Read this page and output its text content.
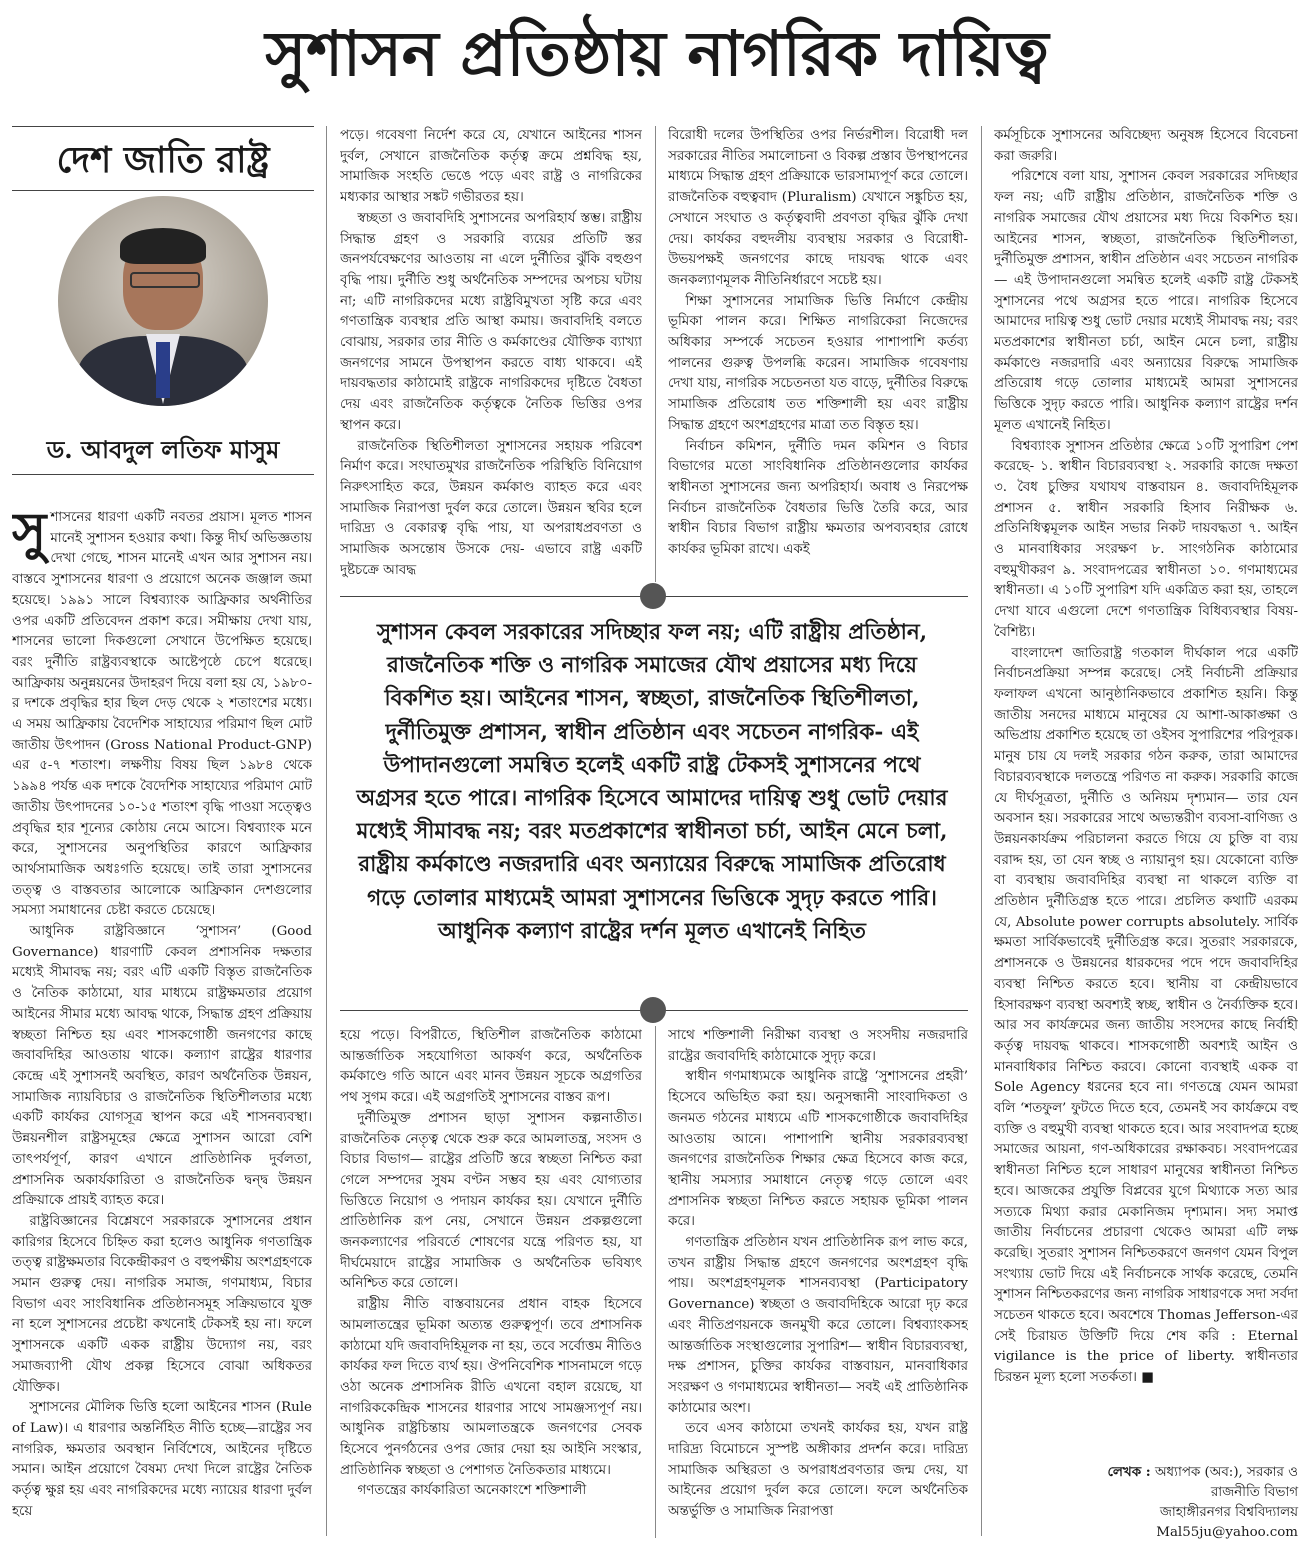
সুশাসন প্রতিষ্ঠায় নাগরিক দায়িত্ব
দেশ জাতি রাষ্ট্র
ড. আবদুল লতিফ মাসুম

সুশাসনের ধারণা একটি নবতর প্রয়াস। মূলত শাসন মানেই সুশাসন হওয়ার কথা। কিন্তু দীর্ঘ অভিজ্ঞতায় দেখা গেছে, শাসন মানেই এখন আর সুশাসন নয়। বাস্তবে সুশাসনের ধারণা ও প্রয়োগে অনেক জঞ্জাল জমা হয়েছে। ১৯৯১ সালে বিশ্বব্যাংক আফ্রিকার অর্থনীতির ওপর একটি প্রতিবেদন প্রকাশ করে। সমীক্ষায় দেখা যায়, শাসনের ভালো দিকগুলো সেখানে উপেক্ষিত হয়েছে। বরং দুর্নীতি রাষ্ট্রব্যবস্থাকে আষ্টেপৃষ্ঠে চেপে ধরেছে। আফ্রিকায় অনুন্নয়নের উদাহরণ দিয়ে বলা হয় যে, ১৯৮০-র দশকে প্রবৃদ্ধির হার ছিল দেড় থেকে ২ শতাংশের মধ্যে। এ সময় আফ্রিকায় বৈদেশিক সাহায্যের পরিমাণ ছিল মোট জাতীয় উৎপাদন (Gross National Product-GNP) এর ৫-৭ শতাংশ। লক্ষণীয় বিষয় ছিল ১৯৮৪ থেকে ১৯৯৪ পর্যন্ত এক দশকে বৈদেশিক সাহায্যের পরিমাণ মোট জাতীয় উৎপাদনের ১০-১৫ শতাংশ বৃদ্ধি পাওয়া সত্ত্বেও প্রবৃদ্ধির হার শূন্যের কোঠায় নেমে আসে। বিশ্বব্যাংক মনে করে, সুশাসনের অনুপস্থিতির কারণে আফ্রিকার আর্থসামাজিক অধঃগতি হয়েছে। তাই তারা সুশাসনের তত্ত্ব ও বাস্তবতার আলোকে আফ্রিকান দেশগুলোর সমস্যা সমাধানের চেষ্টা করতে চেয়েছে।

আধুনিক রাষ্ট্রবিজ্ঞানে ‘সুশাসন’ (Good Governance) ধারণাটি কেবল প্রশাসনিক দক্ষতার মধ্যেই সীমাবদ্ধ নয়; বরং এটি একটি বিস্তৃত রাজনৈতিক ও নৈতিক কাঠামো, যার মাধ্যমে রাষ্ট্রক্ষমতার প্রয়োগ আইনের সীমার মধ্যে আবদ্ধ থাকে, সিদ্ধান্ত গ্রহণ প্রক্রিয়ায় স্বচ্ছতা নিশ্চিত হয় এবং শাসকগোষ্ঠী জনগণের কাছে জবাবদিহির আওতায় থাকে। কল্যাণ রাষ্ট্রের ধারণার কেন্দ্রে এই সুশাসনই অবস্থিত, কারণ অর্থনৈতিক উন্নয়ন, সামাজিক ন্যায়বিচার ও রাজনৈতিক স্থিতিশীলতার মধ্যে একটি কার্যকর যোগসূত্র স্থাপন করে এই শাসনব্যবস্থা। উন্নয়নশীল রাষ্ট্রসমূহের ক্ষেত্রে সুশাসন আরো বেশি তাৎপর্যপূর্ণ, কারণ এখানে প্রাতিষ্ঠানিক দুর্বলতা, প্রশাসনিক অকার্যকারিতা ও রাজনৈতিক দ্বন্দ্ব উন্নয়ন প্রক্রিয়াকে প্রায়ই ব্যাহত করে।

রাষ্ট্রবিজ্ঞানের বিশ্লেষণে সরকারকে সুশাসনের প্রধান কারিগর হিসেবে চিহ্নিত করা হলেও আধুনিক গণতান্ত্রিক তত্ত্ব রাষ্ট্রক্ষমতার বিকেন্দ্রীকরণ ও বহুপক্ষীয় অংশগ্রহণকে সমান গুরুত্ব দেয়। নাগরিক সমাজ, গণমাধ্যম, বিচার বিভাগ এবং সাংবিধানিক প্রতিষ্ঠানসমূহ সক্রিয়ভাবে যুক্ত না হলে সুশাসনের প্রচেষ্টা কখনোই টেকসই হয় না। ফলে সুশাসনকে একটি একক রাষ্ট্রীয় উদ্যোগ নয়, বরং সমাজব্যাপী যৌথ প্রকল্প হিসেবে বোঝা অধিকতর যৌক্তিক।

সুশাসনের মৌলিক ভিত্তি হলো আইনের শাসন (Rule of Law)। এ ধারণার অন্তর্নিহিত নীতি হচ্ছে—রাষ্ট্রের সব নাগরিক, ক্ষমতার অবস্থান নির্বিশেষে, আইনের দৃষ্টিতে সমান। আইন প্রয়োগে বৈষম্য দেখা দিলে রাষ্ট্রের নৈতিক কর্তৃত্ব ক্ষুণ্ণ হয় এবং নাগরিকদের মধ্যে ন্যায়ের ধারণা দুর্বল হয়ে

পড়ে। গবেষণা নির্দেশ করে যে, যেখানে আইনের শাসন দুর্বল, সেখানে রাজনৈতিক কর্তৃত্ব ক্রমে প্রশ্নবিদ্ধ হয়, সামাজিক সংহতি ভেঙে পড়ে এবং রাষ্ট্র ও নাগরিকের মধ্যকার আস্থার সঙ্কট গভীরতর হয়।

স্বচ্ছতা ও জবাবদিহি সুশাসনের অপরিহার্য স্তম্ভ। রাষ্ট্রীয় সিদ্ধান্ত গ্রহণ ও সরকারি ব্যয়ের প্রতিটি স্তর জনপর্যবেক্ষণের আওতায় না এলে দুর্নীতির ঝুঁকি বহুগুণ বৃদ্ধি পায়। দুর্নীতি শুধু অর্থনৈতিক সম্পদের অপচয় ঘটায় না; এটি নাগরিকদের মধ্যে রাষ্ট্রবিমুখতা সৃষ্টি করে এবং গণতান্ত্রিক ব্যবস্থার প্রতি আস্থা কমায়। জবাবদিহি বলতে বোঝায়, সরকার তার নীতি ও কর্মকাণ্ডের যৌক্তিক ব্যাখ্যা জনগণের সামনে উপস্থাপন করতে বাধ্য থাকবে। এই দায়বদ্ধতার কাঠামোই রাষ্ট্রকে নাগরিকদের দৃষ্টিতে বৈধতা দেয় এবং রাজনৈতিক কর্তৃত্বকে নৈতিক ভিত্তির ওপর স্থাপন করে।

রাজনৈতিক স্থিতিশীলতা সুশাসনের সহায়ক পরিবেশ নির্মাণ করে। সংঘাতমুখর রাজনৈতিক পরিস্থিতি বিনিয়োগ নিরুৎসাহিত করে, উন্নয়ন কর্মকাণ্ড ব্যাহত করে এবং সামাজিক নিরাপত্তা দুর্বল করে তোলে। উন্নয়ন স্থবির হলে দারিদ্র্য ও বেকারত্ব বৃদ্ধি পায়, যা অপরাধপ্রবণতা ও সামাজিক অসন্তোষ উসকে দেয়- এভাবে রাষ্ট্র একটি দুষ্টচক্রে আবদ্ধ

বিরোধী দলের উপস্থিতির ওপর নির্ভরশীল। বিরোধী দল সরকারের নীতির সমালোচনা ও বিকল্প প্রস্তাব উপস্থাপনের মাধ্যমে সিদ্ধান্ত গ্রহণ প্রক্রিয়াকে ভারসাম্যপূর্ণ করে তোলে। রাজনৈতিক বহুত্ববাদ (Pluralism) যেখানে সঙ্কুচিত হয়, সেখানে সংঘাত ও কর্তৃত্ববাদী প্রবণতা বৃদ্ধির ঝুঁকি দেখা দেয়। কার্যকর বহুদলীয় ব্যবস্থায় সরকার ও বিরোধী- উভয়পক্ষই জনগণের কাছে দায়বদ্ধ থাকে এবং জনকল্যাণমূলক নীতিনির্ধারণে সচেষ্ট হয়।

শিক্ষা সুশাসনের সামাজিক ভিত্তি নির্মাণে কেন্দ্রীয় ভূমিকা পালন করে। শিক্ষিত নাগরিকেরা নিজেদের অধিকার সম্পর্কে সচেতন হওয়ার পাশাপাশি কর্তব্য পালনের গুরুত্ব উপলব্ধি করেন। সামাজিক গবেষণায় দেখা যায়, নাগরিক সচেতনতা যত বাড়ে, দুর্নীতির বিরুদ্ধে সামাজিক প্রতিরোধ তত শক্তিশালী হয় এবং রাষ্ট্রীয় সিদ্ধান্ত গ্রহণে অংশগ্রহণের মাত্রা তত বিস্তৃত হয়।

নির্বাচন কমিশন, দুর্নীতি দমন কমিশন ও বিচার বিভাগের মতো সাংবিধানিক প্রতিষ্ঠানগুলোর কার্যকর স্বাধীনতা সুশাসনের জন্য অপরিহার্য। অবাধ ও নিরপেক্ষ নির্বাচন রাজনৈতিক বৈধতার ভিত্তি তৈরি করে, আর স্বাধীন বিচার বিভাগ রাষ্ট্রীয় ক্ষমতার অপব্যবহার রোধে কার্যকর ভূমিকা রাখে। একই

সুশাসন কেবল সরকারের সদিচ্ছার ফল নয়; এটি রাষ্ট্রীয় প্রতিষ্ঠান, রাজনৈতিক শক্তি ও নাগরিক সমাজের যৌথ প্রয়াসের মধ্য দিয়ে বিকশিত হয়। আইনের শাসন, স্বচ্ছতা, রাজনৈতিক স্থিতিশীলতা, দুর্নীতিমুক্ত প্রশাসন, স্বাধীন প্রতিষ্ঠান এবং সচেতন নাগরিক- এই উপাদানগুলো সমন্বিত হলেই একটি রাষ্ট্র টেকসই সুশাসনের পথে অগ্রসর হতে পারে। নাগরিক হিসেবে আমাদের দায়িত্ব শুধু ভোট দেয়ার মধ্যেই সীমাবদ্ধ নয়; বরং মতপ্রকাশের স্বাধীনতা চর্চা, আইন মেনে চলা, রাষ্ট্রীয় কর্মকাণ্ডে নজরদারি এবং অন্যায়ের বিরুদ্ধে সামাজিক প্রতিরোধ গড়ে তোলার মাধ্যমেই আমরা সুশাসনের ভিত্তিকে সুদৃঢ় করতে পারি। আধুনিক কল্যাণ রাষ্ট্রের দর্শন মূলত এখানেই নিহিত

হয়ে পড়ে। বিপরীতে, স্থিতিশীল রাজনৈতিক কাঠামো আন্তর্জাতিক সহযোগিতা আকর্ষণ করে, অর্থনৈতিক কর্মকাণ্ডে গতি আনে এবং মানব উন্নয়ন সূচকে অগ্রগতির পথ সুগম করে। এই অগ্রগতিই সুশাসনের বাস্তব রূপ।

দুর্নীতিমুক্ত প্রশাসন ছাড়া সুশাসন কল্পনাতীত। রাজনৈতিক নেতৃত্ব থেকে শুরু করে আমলাতন্ত্র, সংসদ ও বিচার বিভাগ— রাষ্ট্রের প্রতিটি স্তরে স্বচ্ছতা নিশ্চিত করা গেলে সম্পদের সুষম বণ্টন সম্ভব হয় এবং যোগ্যতার ভিত্তিতে নিয়োগ ও পদায়ন কার্যকর হয়। যেখানে দুর্নীতি প্রাতিষ্ঠানিক রূপ নেয়, সেখানে উন্নয়ন প্রকল্পগুলো জনকল্যাণের পরিবর্তে শোষণের যন্ত্রে পরিণত হয়, যা দীর্ঘমেয়াদে রাষ্ট্রের সামাজিক ও অর্থনৈতিক ভবিষ্যৎ অনিশ্চিত করে তোলে।

রাষ্ট্রীয় নীতি বাস্তবায়নের প্রধান বাহক হিসেবে আমলাতন্ত্রের ভূমিকা অত্যন্ত গুরুত্বপূর্ণ। তবে প্রশাসনিক কাঠামো যদি জবাবদিহিমূলক না হয়, তবে সর্বোত্তম নীতিও কার্যকর ফল দিতে ব্যর্থ হয়। ঔপনিবেশিক শাসনামলে গড়ে ওঠা অনেক প্রশাসনিক রীতি এখনো বহাল রয়েছে, যা নাগরিককেন্দ্রিক শাসনের ধারণার সাথে সামঞ্জস্যপূর্ণ নয়। আধুনিক রাষ্ট্রচিন্তায় আমলাতন্ত্রকে জনগণের সেবক হিসেবে পুনর্গঠনের ওপর জোর দেয়া হয় আইনি সংস্কার, প্রাতিষ্ঠানিক স্বচ্ছতা ও পেশাগত নৈতিকতার মাধ্যমে।

গণতন্ত্রের কার্যকারিতা অনেকাংশে শক্তিশালী

সাথে শক্তিশালী নিরীক্ষা ব্যবস্থা ও সংসদীয় নজরদারি রাষ্ট্রের জবাবদিহি কাঠামোকে সুদৃঢ় করে।

স্বাধীন গণমাধ্যমকে আধুনিক রাষ্ট্রে ‘সুশাসনের প্রহরী’ হিসেবে অভিহিত করা হয়। অনুসন্ধানী সাংবাদিকতা ও জনমত গঠনের মাধ্যমে এটি শাসকগোষ্ঠীকে জবাবদিহির আওতায় আনে। পাশাপাশি স্থানীয় সরকারব্যবস্থা জনগণের রাজনৈতিক শিক্ষার ক্ষেত্র হিসেবে কাজ করে, স্থানীয় সমস্যার সমাধানে নেতৃত্ব গড়ে তোলে এবং প্রশাসনিক স্বচ্ছতা নিশ্চিত করতে সহায়ক ভূমিকা পালন করে।

গণতান্ত্রিক প্রতিষ্ঠান যখন প্রাতিষ্ঠানিক রূপ লাভ করে, তখন রাষ্ট্রীয় সিদ্ধান্ত গ্রহণে জনগণের অংশগ্রহণ বৃদ্ধি পায়। অংশগ্রহণমূলক শাসনব্যবস্থা (Participatory Governance) স্বচ্ছতা ও জবাবদিহিকে আরো দৃঢ় করে এবং নীতিপ্রণয়নকে জনমুখী করে তোলে। বিশ্বব্যাংকসহ আন্তর্জাতিক সংস্থাগুলোর সুপারিশ— স্বাধীন বিচারব্যবস্থা, দক্ষ প্রশাসন, চুক্তির কার্যকর বাস্তবায়ন, মানবাধিকার সংরক্ষণ ও গণমাধ্যমের স্বাধীনতা— সবই এই প্রাতিষ্ঠানিক কাঠামোর অংশ।

তবে এসব কাঠামো তখনই কার্যকর হয়, যখন রাষ্ট্র দারিদ্র্য বিমোচনে সুস্পষ্ট অঙ্গীকার প্রদর্শন করে। দারিদ্র্য সামাজিক অস্থিরতা ও অপরাধপ্রবণতার জন্ম দেয়, যা আইনের প্রয়োগ দুর্বল করে তোলে। ফলে অর্থনৈতিক অন্তর্ভুক্তি ও সামাজিক নিরাপত্তা

কর্মসূচিকে সুশাসনের অবিচ্ছেদ্য অনুষঙ্গ হিসেবে বিবেচনা করা জরুরি।

পরিশেষে বলা যায়, সুশাসন কেবল সরকারের সদিচ্ছার ফল নয়; এটি রাষ্ট্রীয় প্রতিষ্ঠান, রাজনৈতিক শক্তি ও নাগরিক সমাজের যৌথ প্রয়াসের মধ্য দিয়ে বিকশিত হয়। আইনের শাসন, স্বচ্ছতা, রাজনৈতিক স্থিতিশীলতা, দুর্নীতিমুক্ত প্রশাসন, স্বাধীন প্রতিষ্ঠান এবং সচেতন নাগরিক— এই উপাদানগুলো সমন্বিত হলেই একটি রাষ্ট্র টেকসই সুশাসনের পথে অগ্রসর হতে পারে। নাগরিক হিসেবে আমাদের দায়িত্ব শুধু ভোট দেয়ার মধ্যেই সীমাবদ্ধ নয়; বরং মতপ্রকাশের স্বাধীনতা চর্চা, আইন মেনে চলা, রাষ্ট্রীয় কর্মকাণ্ডে নজরদারি এবং অন্যায়ের বিরুদ্ধে সামাজিক প্রতিরোধ গড়ে তোলার মাধ্যমেই আমরা সুশাসনের ভিত্তিকে সুদৃঢ় করতে পারি। আধুনিক কল্যাণ রাষ্ট্রের দর্শন মূলত এখানেই নিহিত।

বিশ্বব্যাংক সুশাসন প্রতিষ্ঠার ক্ষেত্রে ১০টি সুপারিশ পেশ করেছে- ১. স্বাধীন বিচারব্যবস্থা ২. সরকারি কাজে দক্ষতা ৩. বৈধ চুক্তির যথাযথ বাস্তবায়ন ৪. জবাবদিহিমূলক প্রশাসন ৫. স্বাধীন সরকারি হিসাব নিরীক্ষক ৬. প্রতিনিধিত্বমূলক আইন সভার নিকট দায়বদ্ধতা ৭. আইন ও মানবাধিকার সংরক্ষণ ৮. সাংগঠনিক কাঠামোর বহুমুখীকরণ ৯. সংবাদপত্রের স্বাধীনতা ১০. গণমাধ্যমের স্বাধীনতা। এ ১০টি সুপারিশ যদি একত্রিত করা হয়, তাহলে দেখা যাবে এগুলো দেশে গণতান্ত্রিক বিধিব্যবস্থার বিষয়-বৈশিষ্ট্য।

বাংলাদেশ জাতিরাষ্ট্র গতকাল দীর্ঘকাল পরে একটি নির্বাচনপ্রক্রিয়া সম্পন্ন করেছে। সেই নির্বাচনী প্রক্রিয়ার ফলাফল এখনো আনুষ্ঠানিকভাবে প্রকাশিত হয়নি। কিন্তু জাতীয় সনদের মাধ্যমে মানুষের যে আশা-আকাঙ্ক্ষা ও অভিপ্রায় প্রকাশিত হয়েছে তা ওইসব সুপারিশের পরিপূরক। মানুষ চায় যে দলই সরকার গঠন করুক, তারা আমাদের বিচারব্যবস্থাকে দলতন্ত্রে পরিণত না করুক। সরকারি কাজে যে দীর্ঘসূত্রতা, দুর্নীতি ও অনিয়ম দৃশ্যমান— তার যেন অবসান হয়। সরকারের সাথে অভ্যন্তরীণ ব্যবসা-বাণিজ্য ও উন্নয়নকার্যক্রম পরিচালনা করতে গিয়ে যে চুক্তি বা ব্যয় বরাদ্দ হয়, তা যেন স্বচ্ছ ও ন্যায়ানুগ হয়। যেকোনো ব্যক্তি বা ব্যবস্থায় জবাবদিহির ব্যবস্থা না থাকলে ব্যক্তি বা প্রতিষ্ঠান দুর্নীতিগ্রস্ত হতে পারে। প্রচলিত কথাটি এরকম যে, Absolute power corrupts absolutely. সার্বিক ক্ষমতা সার্বিকভাবেই দুর্নীতিগ্রস্ত করে। সুতরাং সরকারকে, প্রশাসনকে ও উন্নয়নের ধারকদের পদে পদে জবাবদিহির ব্যবস্থা নিশ্চিত করতে হবে। স্থানীয় বা কেন্দ্রীয়ভাবে হিসাবরক্ষণ ব্যবস্থা অবশ্যই স্বচ্ছ, স্বাধীন ও নৈর্ব্যক্তিক হবে। আর সব কার্যক্রমের জন্য জাতীয় সংসদের কাছে নির্বাহী কর্তৃত্ব দায়বদ্ধ থাকবে। শাসকগোষ্ঠী অবশ্যই আইন ও মানবাধিকার নিশ্চিত করবে। কোনো ব্যবস্থাই একক বা Sole Agency ধরনের হবে না। গণতন্ত্রে যেমন আমরা বলি ‘শতফুল’ ফুটতে দিতে হবে, তেমনই সব কার্যক্রমে বহু ব্যক্তি ও বহুমুখী ব্যবস্থা থাকতে হবে। আর সংবাদপত্র হচ্ছে সমাজের আয়না, গণ-অধিকারের রক্ষাকবচ। সংবাদপত্রের স্বাধীনতা নিশ্চিত হলে সাধারণ মানুষের স্বাধীনতা নিশ্চিত হবে। আজকের প্রযুক্তি বিপ্লবের যুগে মিথ্যাকে সত্য আর সত্যকে মিথ্যা করার মেকানিজম দৃশ্যমান। সদ্য সমাপ্ত জাতীয় নির্বাচনের প্রচারণা থেকেও আমরা এটি লক্ষ করেছি। সুতরাং সুশাসন নিশ্চিতকরণে জনগণ যেমন বিপুল সংখ্যায় ভোট দিয়ে এই নির্বাচনকে সার্থক করেছে, তেমনি সুশাসন নিশ্চিতকরণের জন্য নাগরিক সাধারণকে সদা সর্বদা সচেতন থাকতে হবে। অবশেষে Thomas Jefferson-এর সেই চিরায়ত উক্তিটি দিয়ে শেষ করি : Eternal vigilance is the price of liberty. স্বাধীনতার চিরন্তন মূল্য হলো সতর্কতা। ■

লেখক : অধ্যাপক (অব:), সরকার ও
রাজনীতি বিভাগ
জাহাঙ্গীরনগর বিশ্ববিদ্যালয়
Mal55ju@yahoo.com
